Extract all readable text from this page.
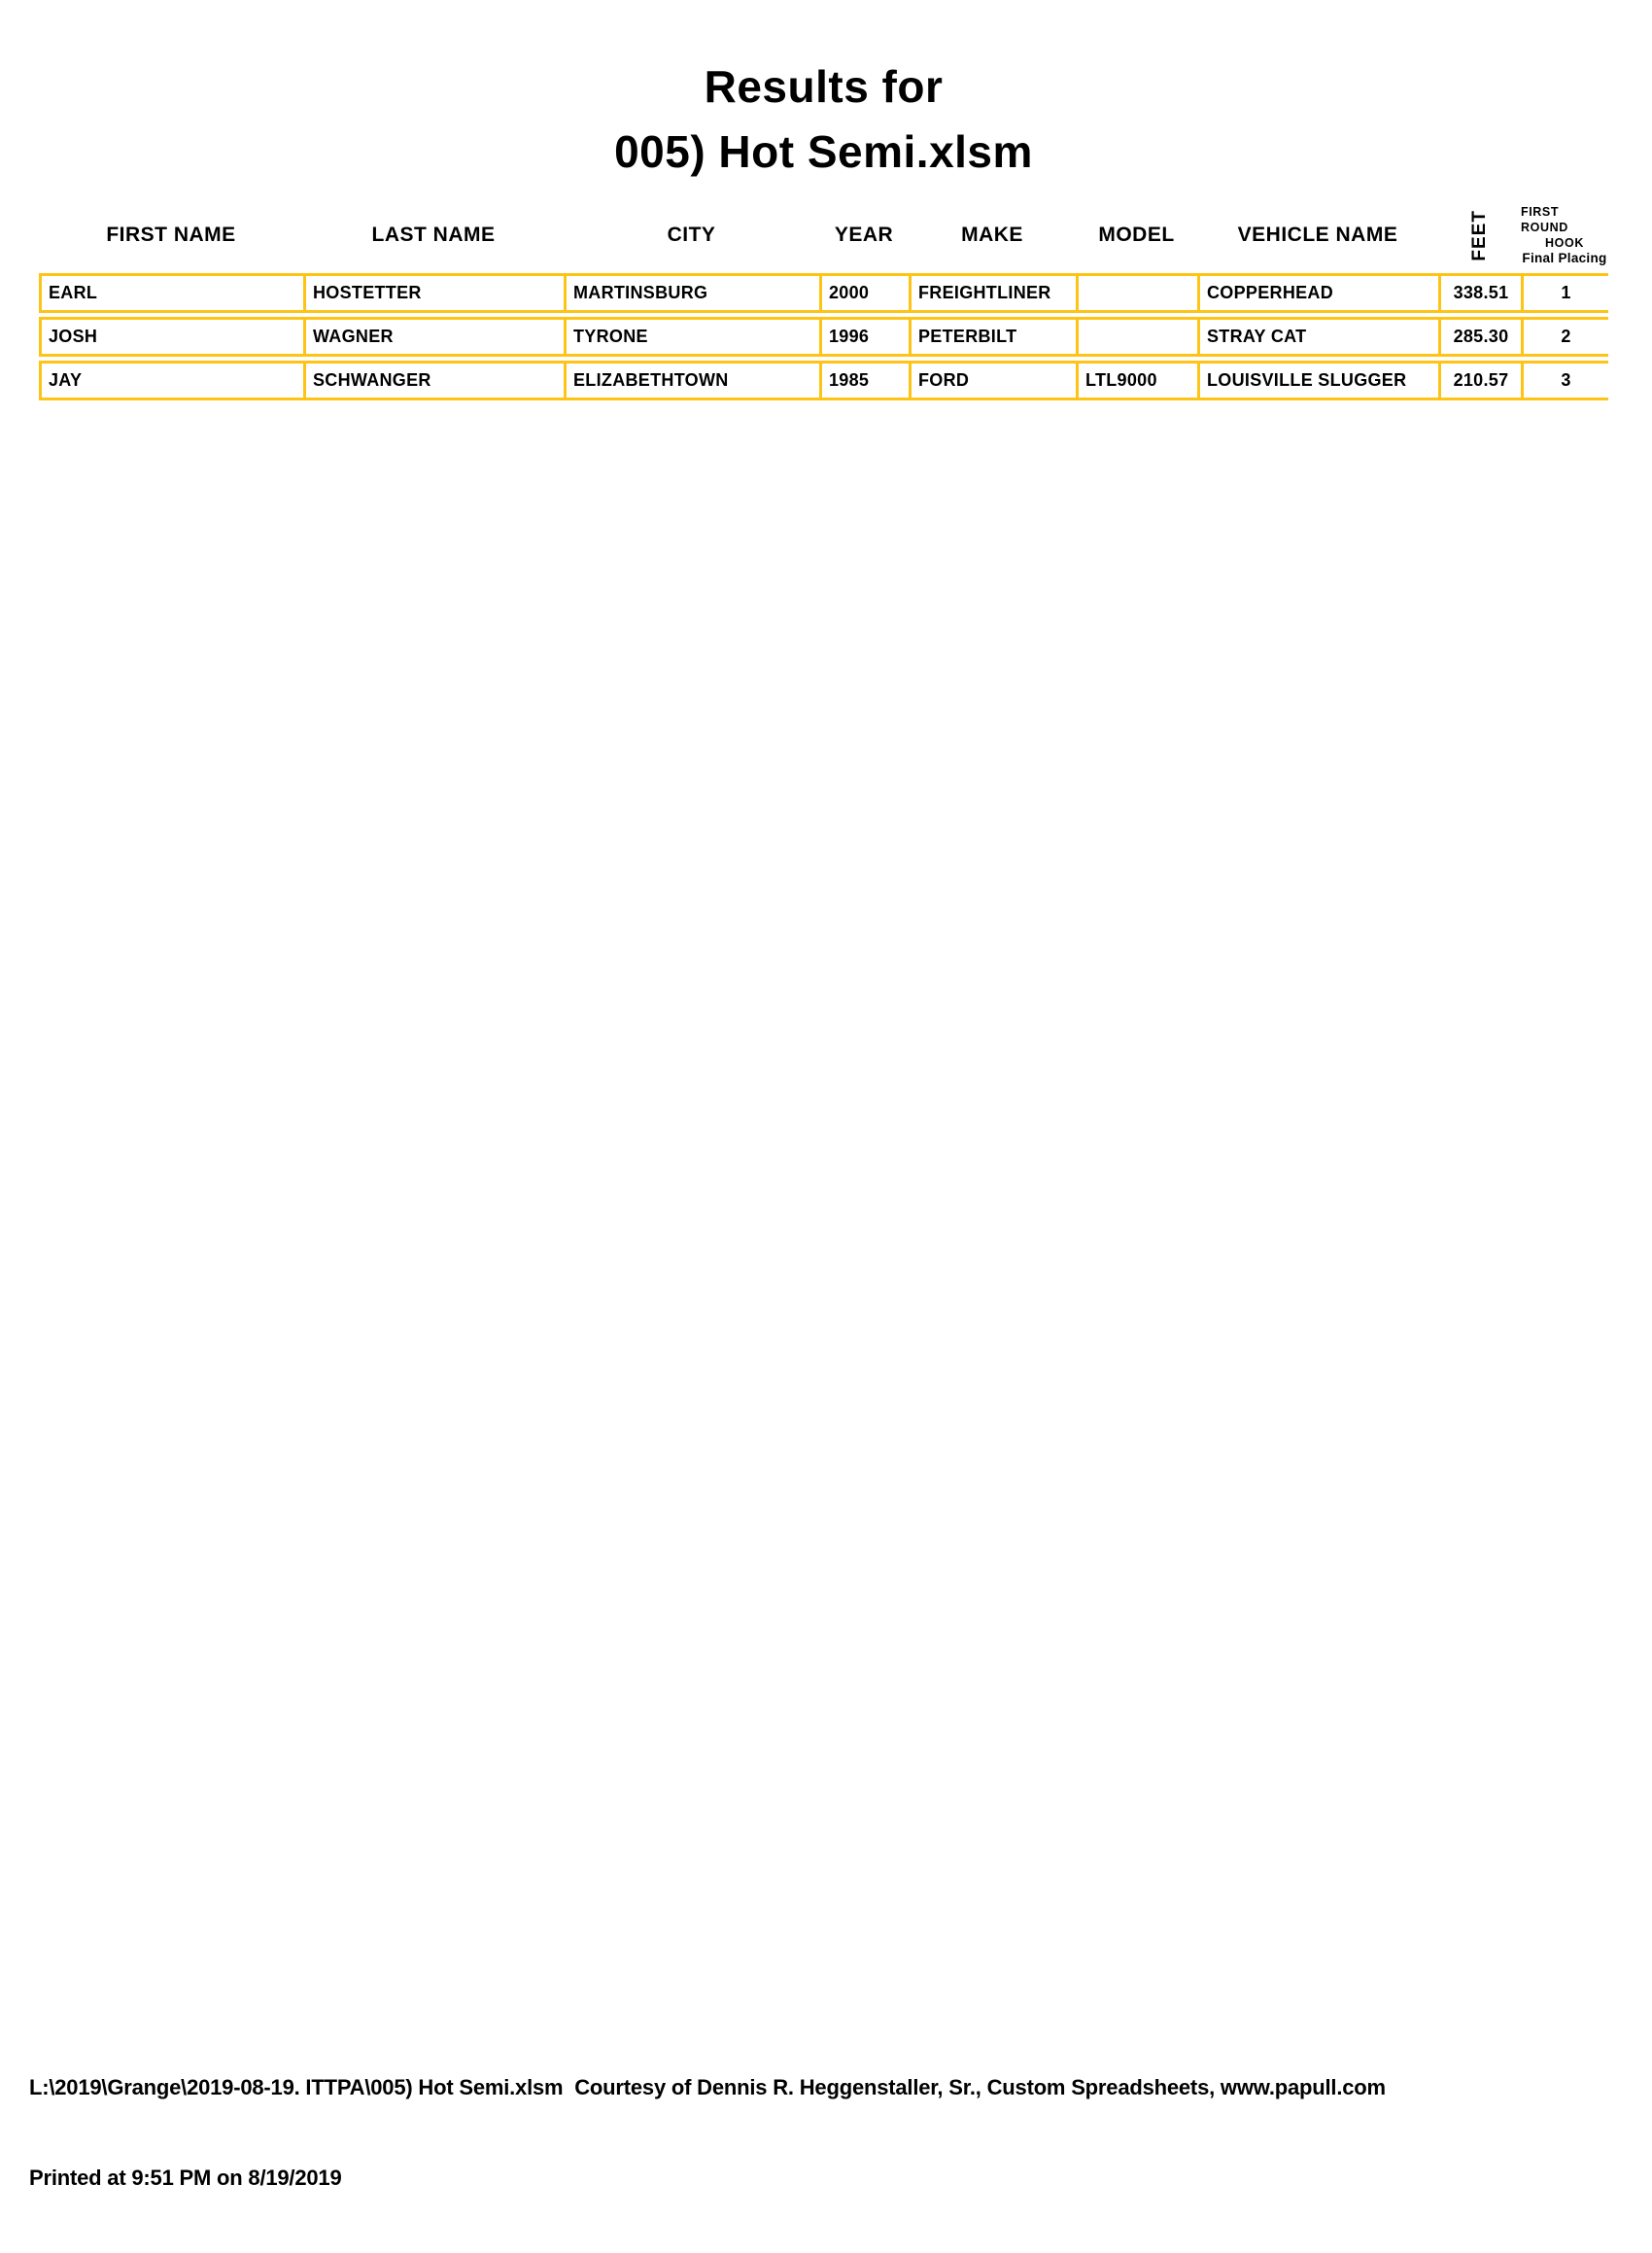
Results for
005) Hot Semi.xlsm
FIRST NAME	LAST NAME	CITY	YEAR	MAKE	MODEL	VEHICLE NAME	FEET	FIRST ROUND
HOOK
Final Placing
EARL	HOSTETTER	MARTINSBURG	2000	FREIGHTLINER		COPPERHEAD	338.51	1
JOSH	WAGNER	TYRONE	1996	PETERBILT		STRAY CAT	285.30	2
JAY	SCHWANGER	ELIZABETHTOWN	1985	FORD	LTL9000	LOUISVILLE SLUGGER	210.57	3

L:\2019\Grange\2019-08-19. ITTPA\005) Hot Semi.xlsm  Courtesy of Dennis R. Heggenstaller, Sr., Custom Spreadsheets, www.papull.com

Printed at 9:51 PM on 8/19/2019
